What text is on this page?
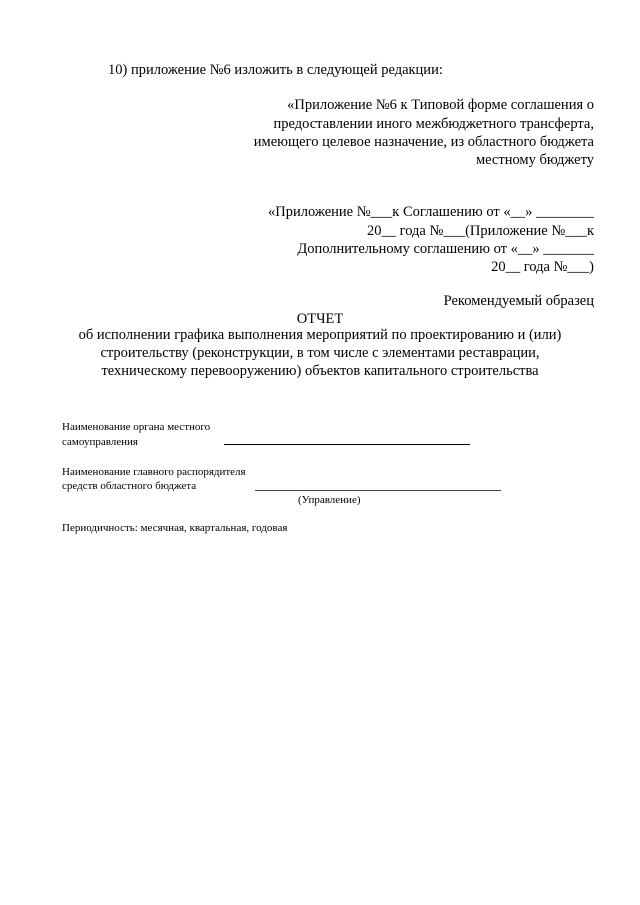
10) приложение №6 изложить в следующей редакции:
«Приложение №6 к Типовой форме соглашения о
предоставлении иного межбюджетного трансферта,
имеющего целевое назначение, из областного бюджета
местному бюджету
«Приложение №___к Соглашению от «__» ________
20__ года №___(Приложение №___к
Дополнительному соглашению от «__» _______
20__ года №___)
Рекомендуемый образец
ОТЧЕТ
об исполнении графика выполнения мероприятий по проектированию и (или)
строительству (реконструкции, в том числе с элементами реставрации,
техническому перевооружению) объектов капитального строительства
Наименование органа местного
самоуправления
Наименование главного распорядителя
средств областного бюджета
(Управление)
Периодичность: месячная, квартальная, годовая
